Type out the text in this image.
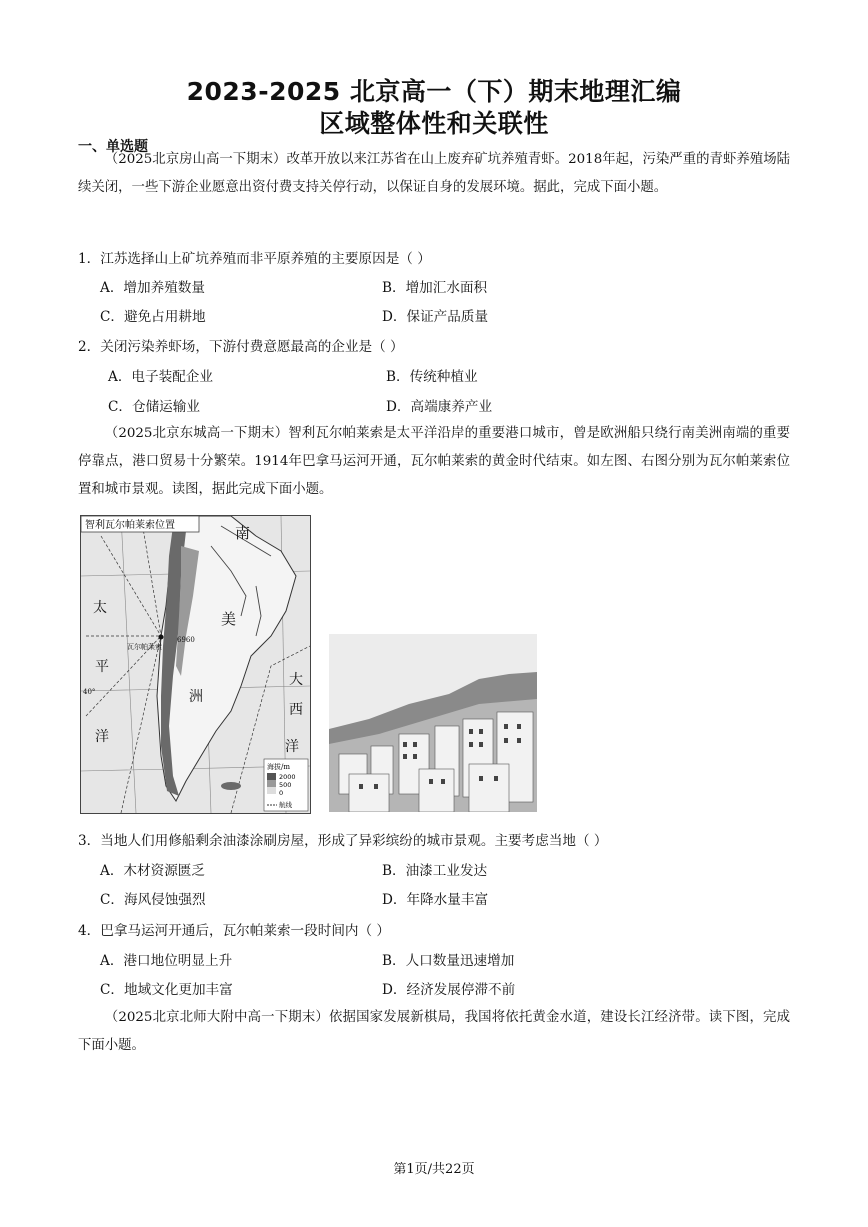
2023-2025 北京高一（下）期末地理汇编
区域整体性和关联性
一、单选题
（2025北京房山高一下期末）改革开放以来江苏省在山上废弃矿坑养殖青虾。2018年起，污染严重的青虾养殖场陆续关闭，一些下游企业愿意出资付费支持关停行动，以保证自身的发展环境。据此，完成下面小题。
1．江苏选择山上矿坑养殖而非平原养殖的主要原因是（ ）
A．增加养殖数量	B．增加汇水面积
C．避免占用耕地	D．保证产品质量
2．关闭污染养虾场，下游付费意愿最高的企业是（ ）
A．电子装配企业	B．传统种植业
C．仓储运输业	D．高端康养产业
（2025北京东城高一下期末）智利瓦尔帕莱索是太平洋沿岸的重要港口城市，曾是欧洲船只绕行南美洲南端的重要停靠点，港口贸易十分繁荣。1914年巴拿马运河开通，瓦尔帕莱索的黄金时代结束。如左图、右图分别为瓦尔帕莱索位置和城市景观。读图，据此完成下面小题。
南
太
美
平
大
洲
西
洋
洋
瓦尔帕莱索
6960
40°
智利瓦尔帕莱索位置
海拔/m
2000
500
0
航线
3．当地人们用修船剩余油漆涂刷房屋，形成了异彩缤纷的城市景观。主要考虑当地（ ）
A．木材资源匮乏	B．油漆工业发达
C．海风侵蚀强烈	D．年降水量丰富
4．巴拿马运河开通后，瓦尔帕莱索一段时间内（ ）
A．港口地位明显上升	B．人口数量迅速增加
C．地域文化更加丰富	D．经济发展停滞不前
（2025北京北师大附中高一下期末）依据国家发展新棋局，我国将依托黄金水道，建设长江经济带。读下图，完成下面小题。
第1页/共22页
